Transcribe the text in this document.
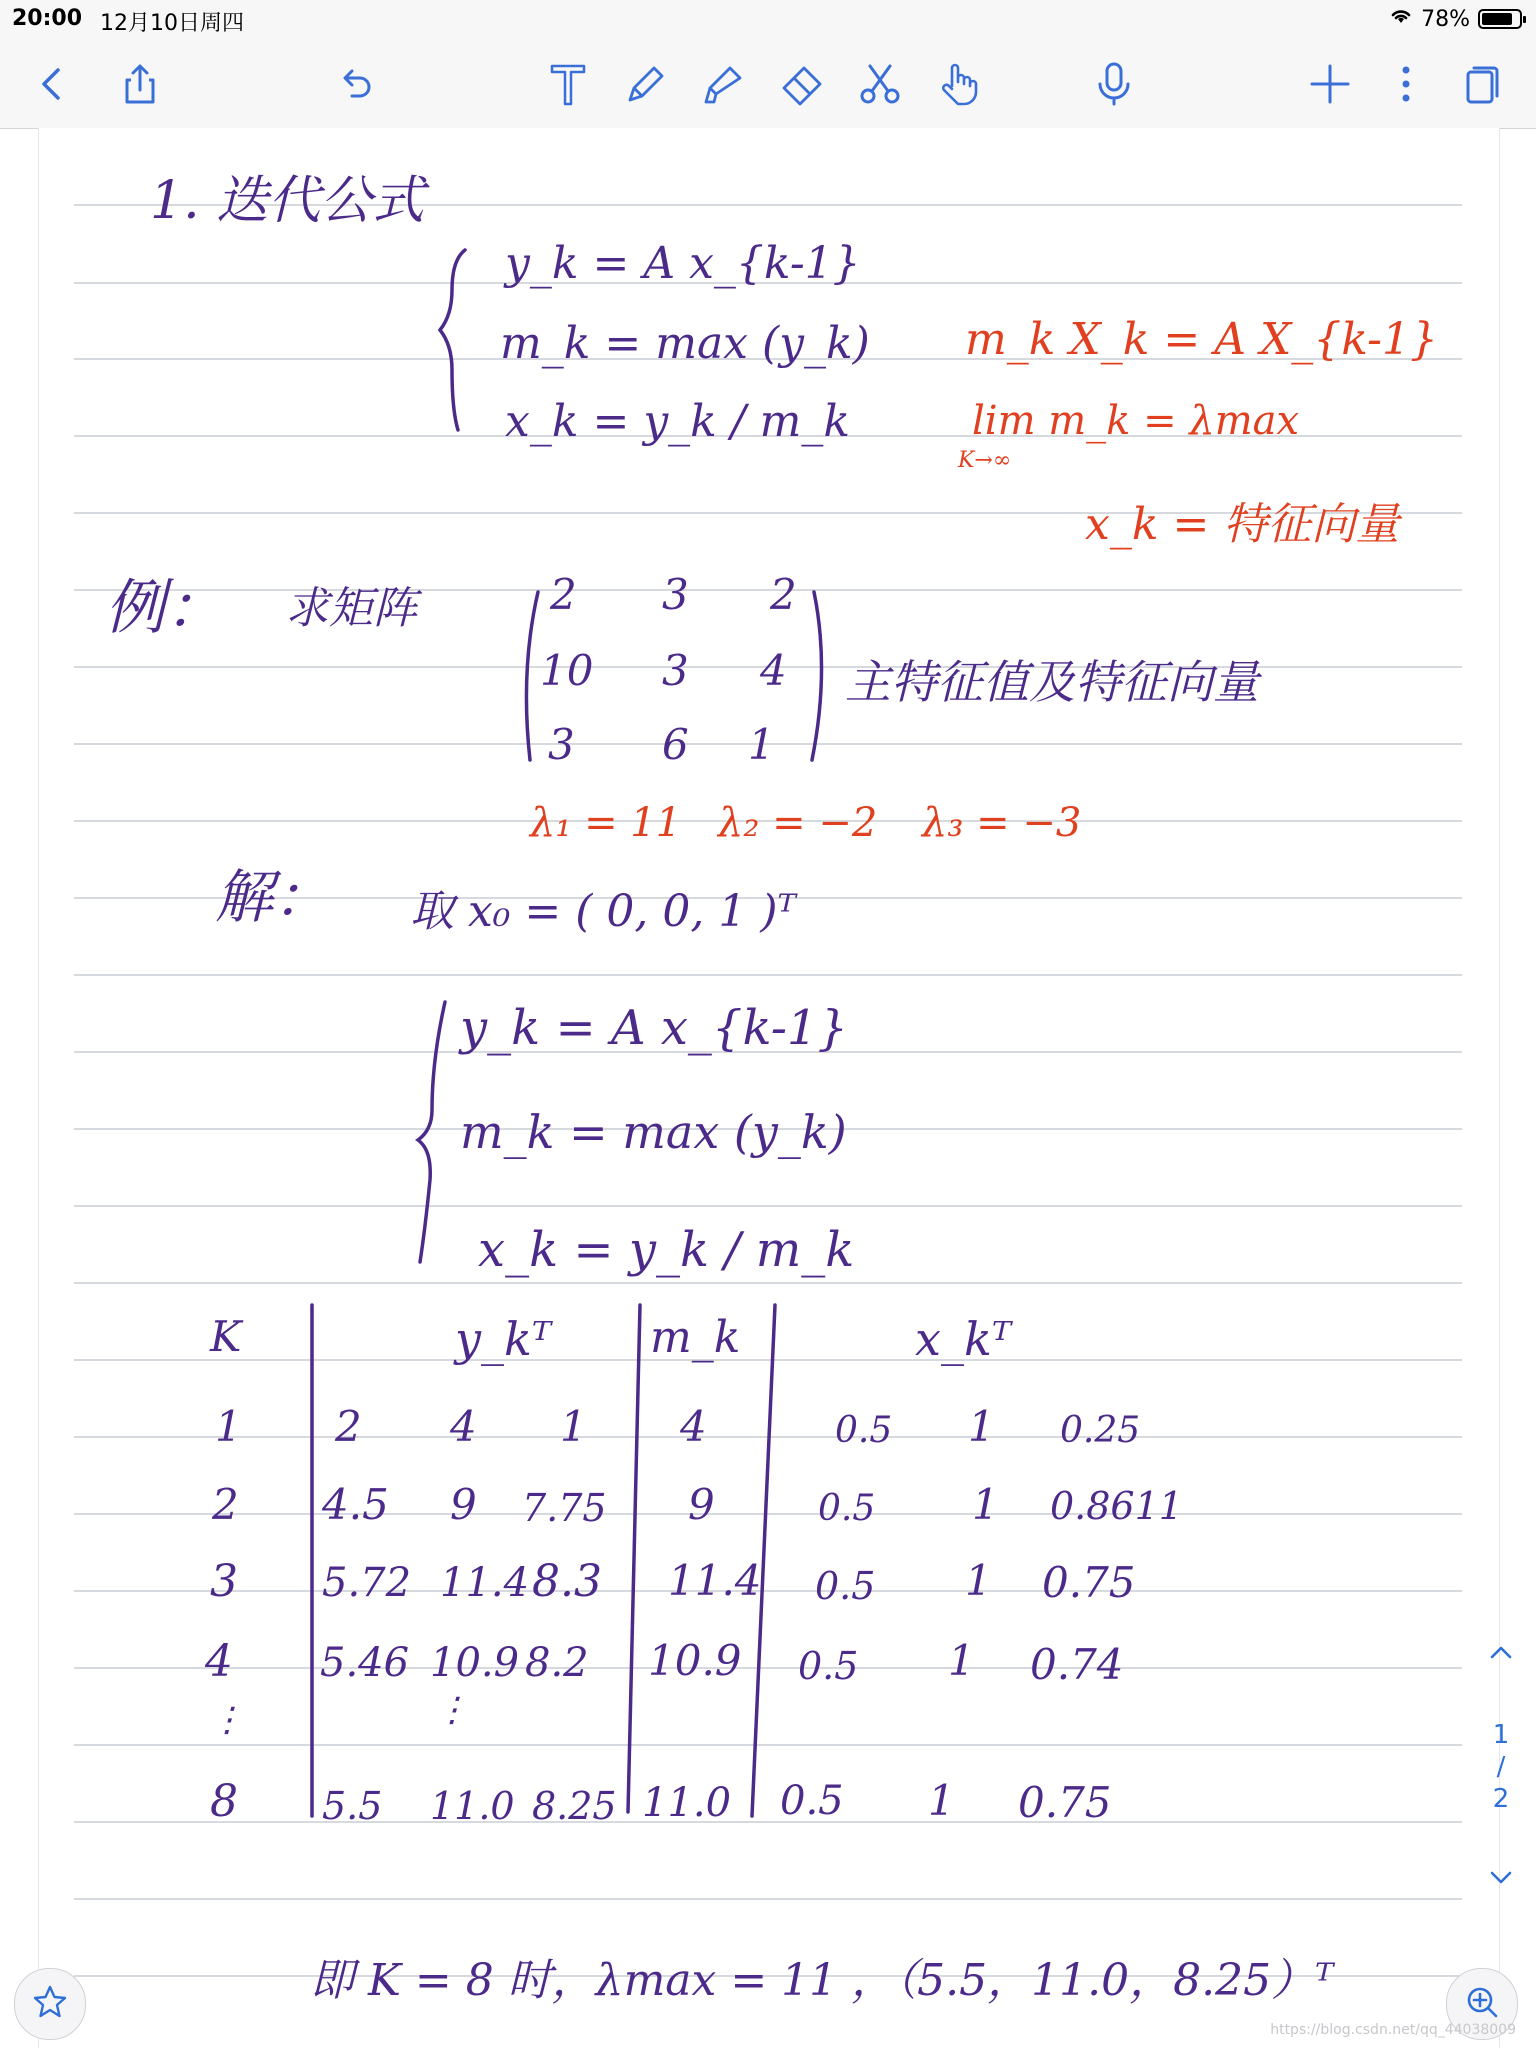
20:00 12月10日周四	78%
1. 迭代公式
y_k = A x_{k-1}
m_k = max (y_k)
x_k = y_k / m_k
m_k X_k = A X_{k-1}
lim m_k = λmax
K→∞
x_k = 特征向量
例： 求矩阵	2 3 2
10 3 4
3 6 1
主特征值及特征向量
λ₁ = 11 λ₂ = −2 λ₃ = −3
解： 取 x₀ = ( 0, 0, 1 )ᵀ
y_k = A x_{k-1}
m_k = max (y_k)
x_k = y_k / m_k
K	y_kᵀ m_k	x_kᵀ
1 2 4 1 4	0.5 1 0.25
2 4.5 9 7.75 9	0.5 1 0.8611
3 5.72 11.4 8.3 11.4 0.5 1 0.75
4 5.46 10.9 8.2 10.9 0.5 1 0.74
⋮	⋮
8 5.5 11.0 8.25 11.0 0.5 1 0.75
即 K = 8 时，λmax = 11 ，（5.5，11.0，8.25）ᵀ
1
/
2
https://blog.csdn.net/qq_44038009
